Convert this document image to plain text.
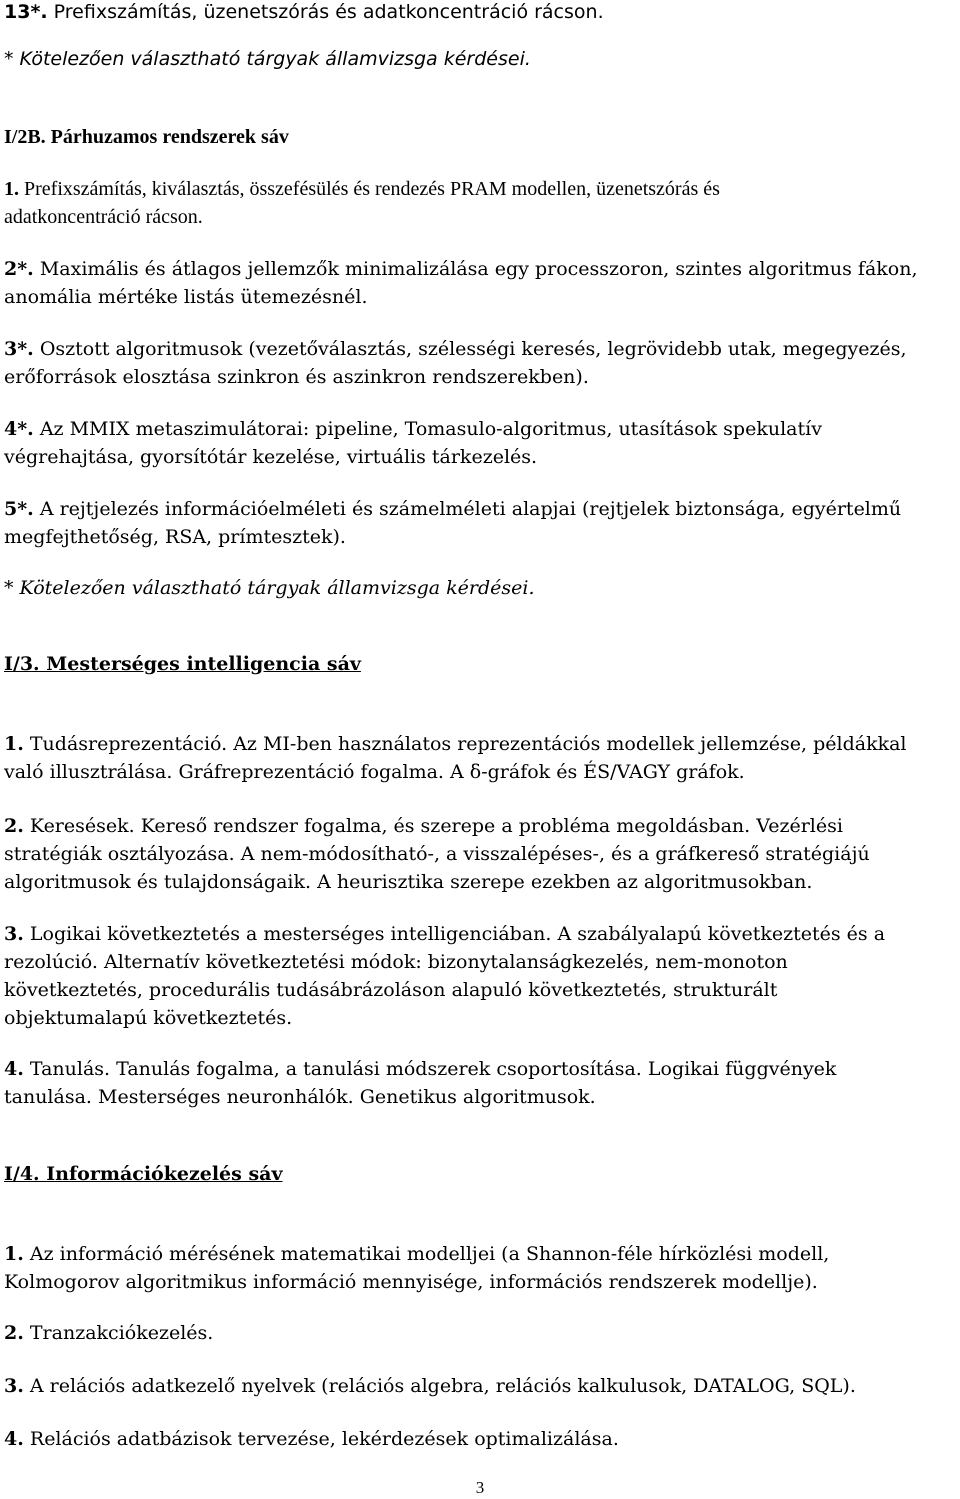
13*. Prefixszámítás, üzenetszórás és adatkoncentráció rácson.
* Kötelezően választható tárgyak államvizsga kérdései.
I/2B. Párhuzamos rendszerek sáv
1. Prefixszámítás, kiválasztás, összefésülés és rendezés PRAM modellen, üzenetszórás és
adatkoncentráció rácson.
2*. Maximális és átlagos jellemzők minimalizálása egy processzoron, szintes algoritmus fákon,
anomália mértéke listás ütemezésnél.
3*. Osztott algoritmusok (vezetőválasztás, szélességi keresés, legrövidebb utak, megegyezés,
erőforrások elosztása szinkron és aszinkron rendszerekben).
4*. Az MMIX metaszimulátorai: pipeline, Tomasulo-algoritmus, utasítások spekulatív
végrehajtása, gyorsítótár kezelése, virtuális tárkezelés.
5*. A rejtjelezés információelméleti és számelméleti alapjai (rejtjelek biztonsága, egyértelmű
megfejthetőség, RSA, prímtesztek).
* Kötelezően választható tárgyak államvizsga kérdései.
I/3. Mesterséges intelligencia sáv
1. Tudásreprezentáció. Az MI-ben használatos reprezentációs modellek jellemzése, példákkal
való illusztrálása. Gráfreprezentáció fogalma. A δ-gráfok és ÉS/VAGY gráfok.
2. Keresések. Kereső rendszer fogalma, és szerepe a probléma megoldásban. Vezérlési
stratégiák osztályozása. A nem-módosítható-, a visszalépéses-, és a gráfkereső stratégiájú
algoritmusok és tulajdonságaik. A heurisztika szerepe ezekben az algoritmusokban.
3. Logikai következtetés a mesterséges intelligenciában. A szabályalapú következtetés és a
rezolúció. Alternatív következtetési módok: bizonytalanságkezelés, nem-monoton
következtetés, procedurális tudásábrázoláson alapuló következtetés, strukturált
objektumalapú következtetés.
4. Tanulás. Tanulás fogalma, a tanulási módszerek csoportosítása. Logikai függvények
tanulása. Mesterséges neuronhálók. Genetikus algoritmusok.
I/4. Információkezelés sáv
1. Az információ mérésének matematikai modelljei (a Shannon-féle hírközlési modell,
Kolmogorov algoritmikus információ mennyisége, információs rendszerek modellje).
2. Tranzakciókezelés.
3. A relációs adatkezelő nyelvek (relációs algebra, relációs kalkulusok, DATALOG, SQL).
4. Relációs adatbázisok tervezése, lekérdezések optimalizálása.
3
